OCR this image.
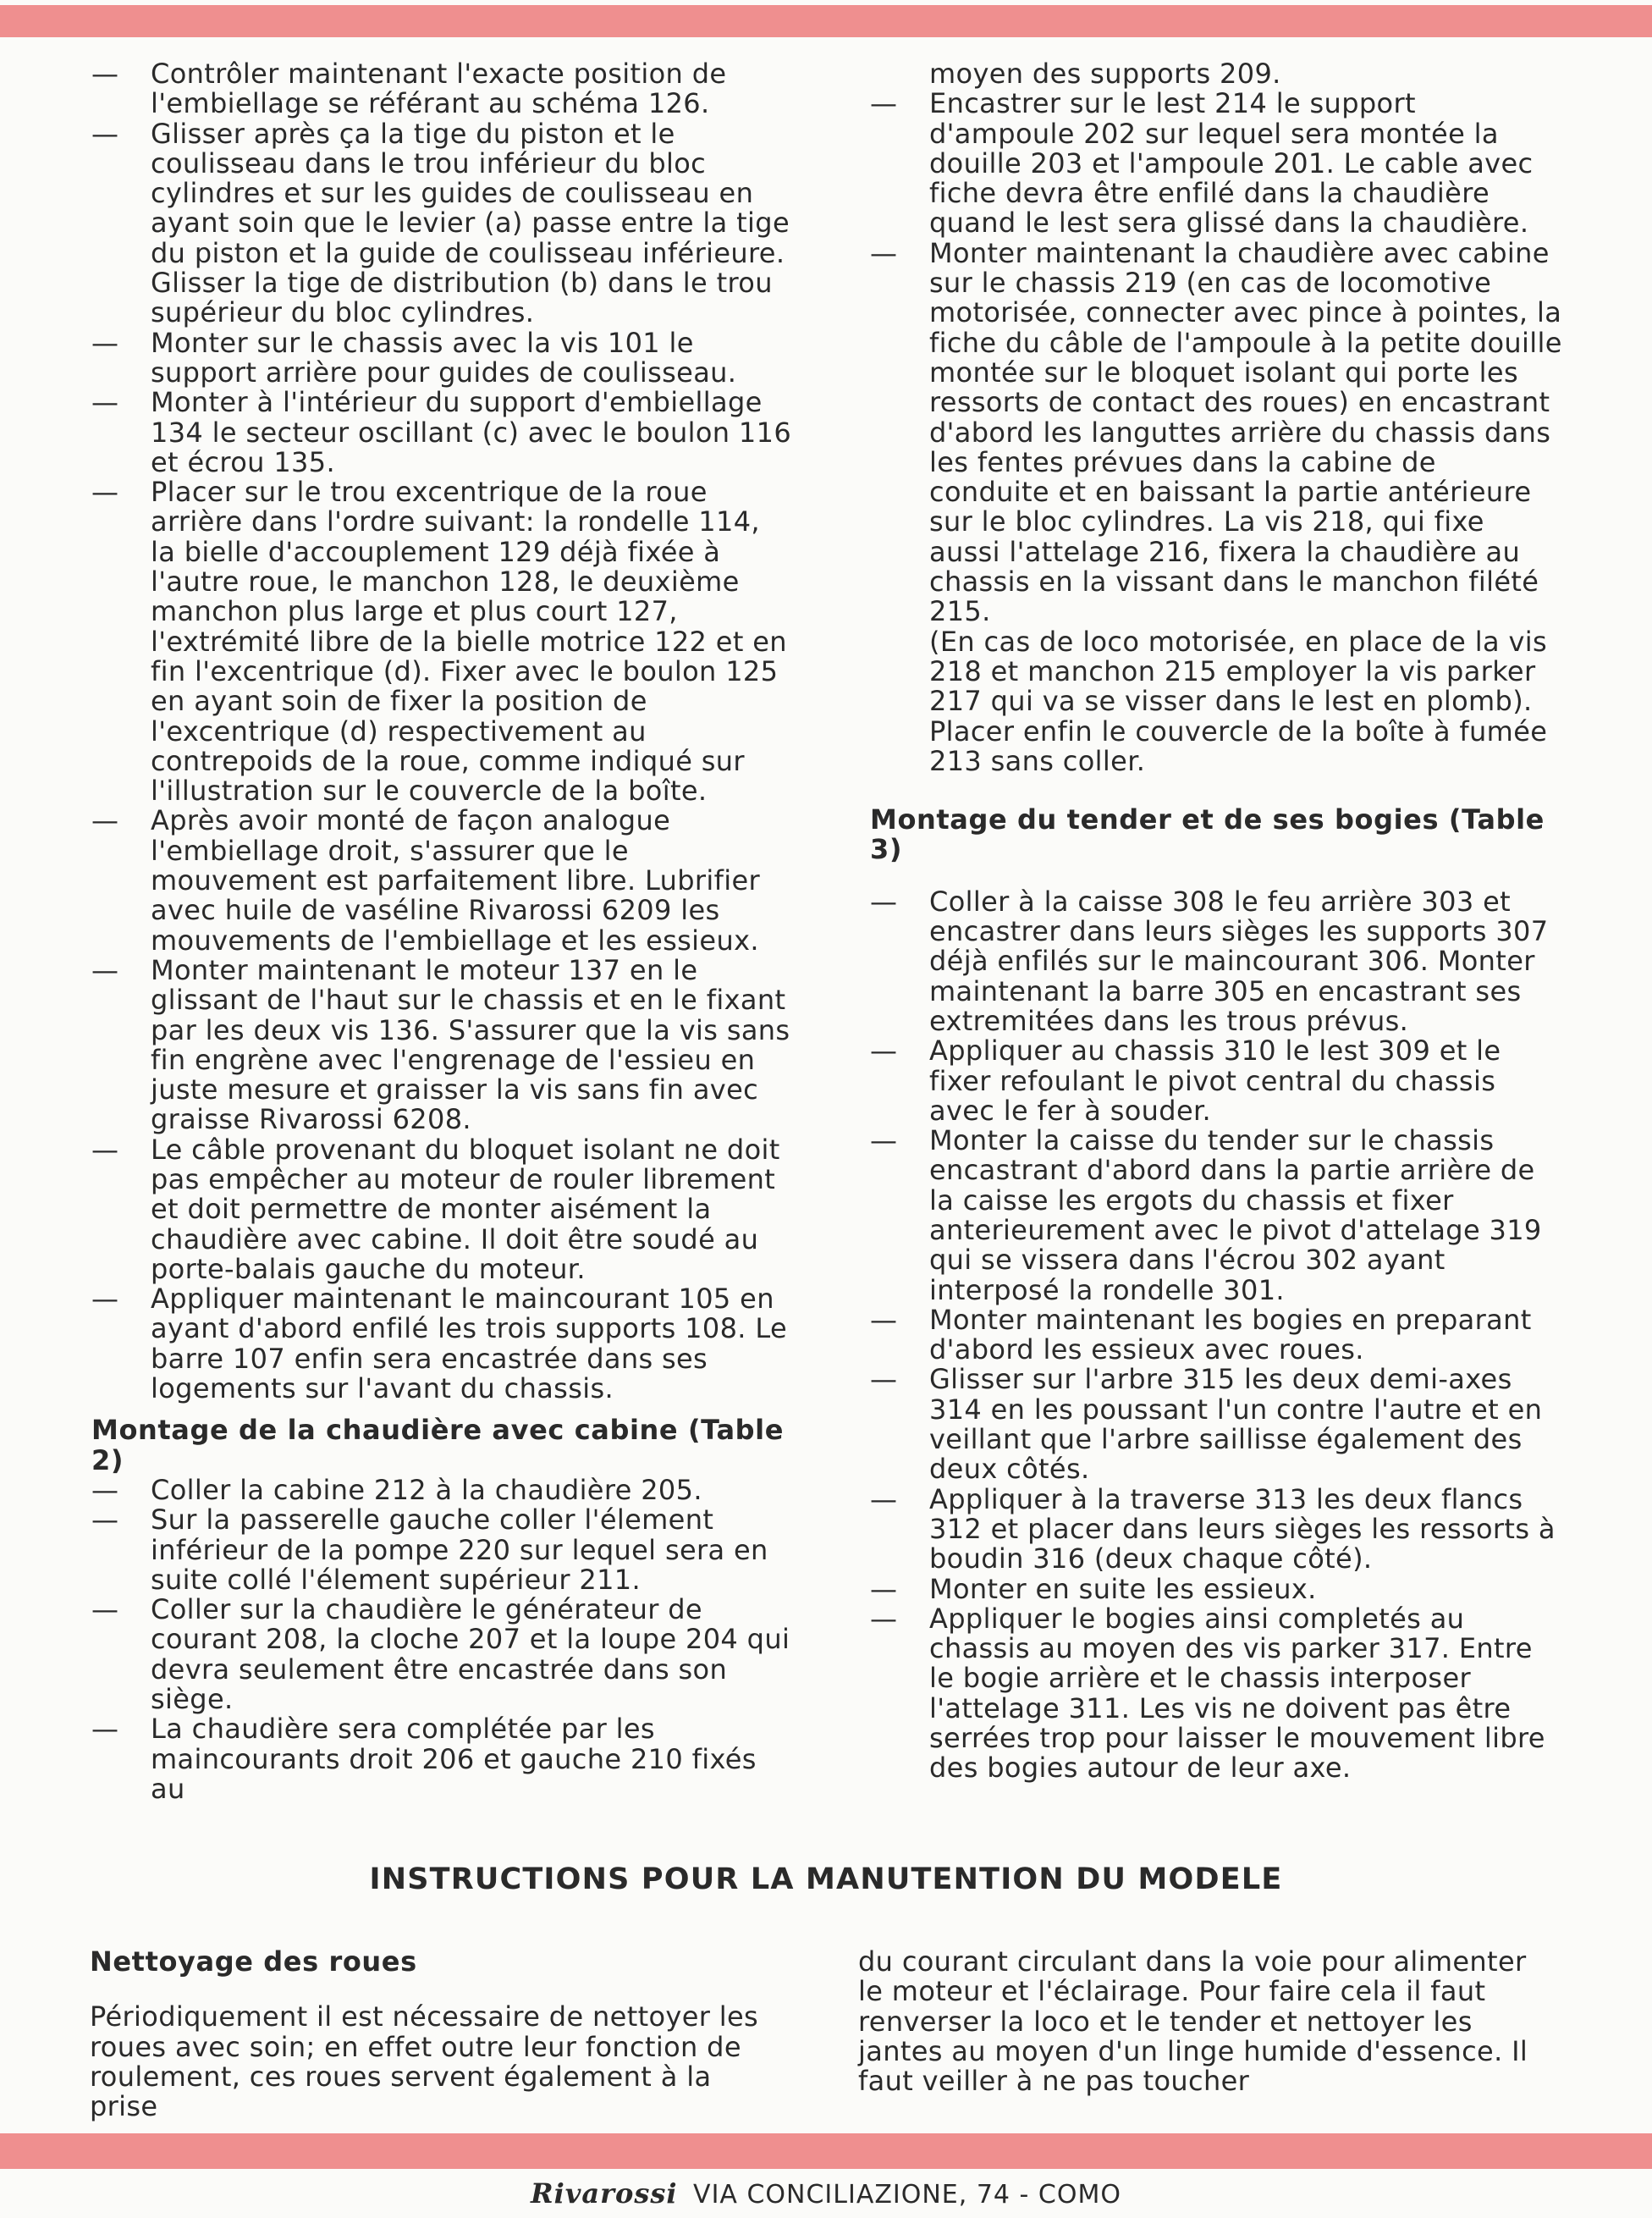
— Contrôler maintenant l'exacte position de l'embiellage se référant au schéma 126.
— Glisser après ça la tige du piston et le coulisseau dans le trou inférieur du bloc cylindres et sur les guides de coulisseau en ayant soin que le levier (a) passe entre la tige du piston et la guide de coulisseau inférieure. Glisser la tige de distribution (b) dans le trou supérieur du bloc cylindres.
— Monter sur le chassis avec la vis 101 le support arrière pour guides de coulisseau.
— Monter à l'intérieur du support d'embiellage 134 le secteur oscillant (c) avec le boulon 116 et écrou 135.
— Placer sur le trou excentrique de la roue arrière dans l'ordre suivant: la rondelle 114, la bielle d'accouplement 129 déjà fixée à l'autre roue, le manchon 128, le deuxième manchon plus large et plus court 127, l'extrémité libre de la bielle motrice 122 et en fin l'excentrique (d). Fixer avec le boulon 125 en ayant soin de fixer la position de l'excentrique (d) respectivement au contrepoids de la roue, comme indiqué sur l'illustration sur le couvercle de la boîte.
— Après avoir monté de façon analogue l'embiellage droit, s'assurer que le mouvement est parfaitement libre. Lubrifier avec huile de vaséline Rivarossi 6209 les mouvements de l'embiellage et les essieux.
— Monter maintenant le moteur 137 en le glissant de l'haut sur le chassis et en le fixant par les deux vis 136. S'assurer que la vis sans fin engrène avec l'engrenage de l'essieu en juste mesure et graisser la vis sans fin avec graisse Rivarossi 6208.
— Le câble provenant du bloquet isolant ne doit pas empêcher au moteur de rouler librement et doit permettre de monter aisément la chaudière avec cabine. Il doit être soudé au porte-balais gauche du moteur.
— Appliquer maintenant le maincourant 105 en ayant d'abord enfilé les trois supports 108. Le barre 107 enfin sera encastrée dans ses logements sur l'avant du chassis.
Montage de la chaudière avec cabine (Table 2)
— Coller la cabine 212 à la chaudière 205.
— Sur la passerelle gauche coller l'élement inférieur de la pompe 220 sur lequel sera en suite collé l'élement supérieur 211.
— Coller sur la chaudière le générateur de courant 208, la cloche 207 et la loupe 204 qui devra seulement être encastrée dans son siège.
— La chaudière sera complétée par les maincourants droit 206 et gauche 210 fixés au
moyen des supports 209.
— Encastrer sur le lest 214 le support d'ampoule 202 sur lequel sera montée la douille 203 et l'ampoule 201. Le cable avec fiche devra être enfilé dans la chaudière quand le lest sera glissé dans la chaudière.
— Monter maintenant la chaudière avec cabine sur le chassis 219 (en cas de locomotive motorisée, connecter avec pince à pointes, la fiche du câble de l'ampoule à la petite douille montée sur le bloquet isolant qui porte les ressorts de contact des roues) en encastrant d'abord les languttes arrière du chassis dans les fentes prévues dans la cabine de conduite et en baissant la partie antérieure sur le bloc cylindres. La vis 218, qui fixe aussi l'attelage 216, fixera la chaudière au chassis en la vissant dans le manchon filété 215.
(En cas de loco motorisée, en place de la vis 218 et manchon 215 employer la vis parker 217 qui va se visser dans le lest en plomb). Placer enfin le couvercle de la boîte à fumée 213 sans coller.
Montage du tender et de ses bogies (Table 3)
— Coller à la caisse 308 le feu arrière 303 et encastrer dans leurs sièges les supports 307 déjà enfilés sur le maincourant 306. Monter maintenant la barre 305 en encastrant ses extremitées dans les trous prévus.
— Appliquer au chassis 310 le lest 309 et le fixer refoulant le pivot central du chassis avec le fer à souder.
— Monter la caisse du tender sur le chassis encastrant d'abord dans la partie arrière de la caisse les ergots du chassis et fixer anterieurement avec le pivot d'attelage 319 qui se vissera dans l'écrou 302 ayant interposé la rondelle 301.
— Monter maintenant les bogies en preparant d'abord les essieux avec roues.
— Glisser sur l'arbre 315 les deux demi-axes 314 en les poussant l'un contre l'autre et en veillant que l'arbre saillisse également des deux côtés.
— Appliquer à la traverse 313 les deux flancs 312 et placer dans leurs sièges les ressorts à boudin 316 (deux chaque côté).
— Monter en suite les essieux.
— Appliquer le bogies ainsi completés au chassis au moyen des vis parker 317. Entre le bogie arrière et le chassis interposer l'attelage 311. Les vis ne doivent pas être serrées trop pour laisser le mouvement libre des bogies autour de leur axe.
INSTRUCTIONS POUR LA MANUTENTION DU MODELE
Nettoyage des roues
Périodiquement il est nécessaire de nettoyer les roues avec soin; en effet outre leur fonction de roulement, ces roues servent également à la prise
du courant circulant dans la voie pour alimenter le moteur et l'éclairage. Pour faire cela il faut renverser la loco et le tender et nettoyer les jantes au moyen d'un linge humide d'essence. Il faut veiller à ne pas toucher
Rivarossi VIA CONCILIAZIONE, 74 - COMO
